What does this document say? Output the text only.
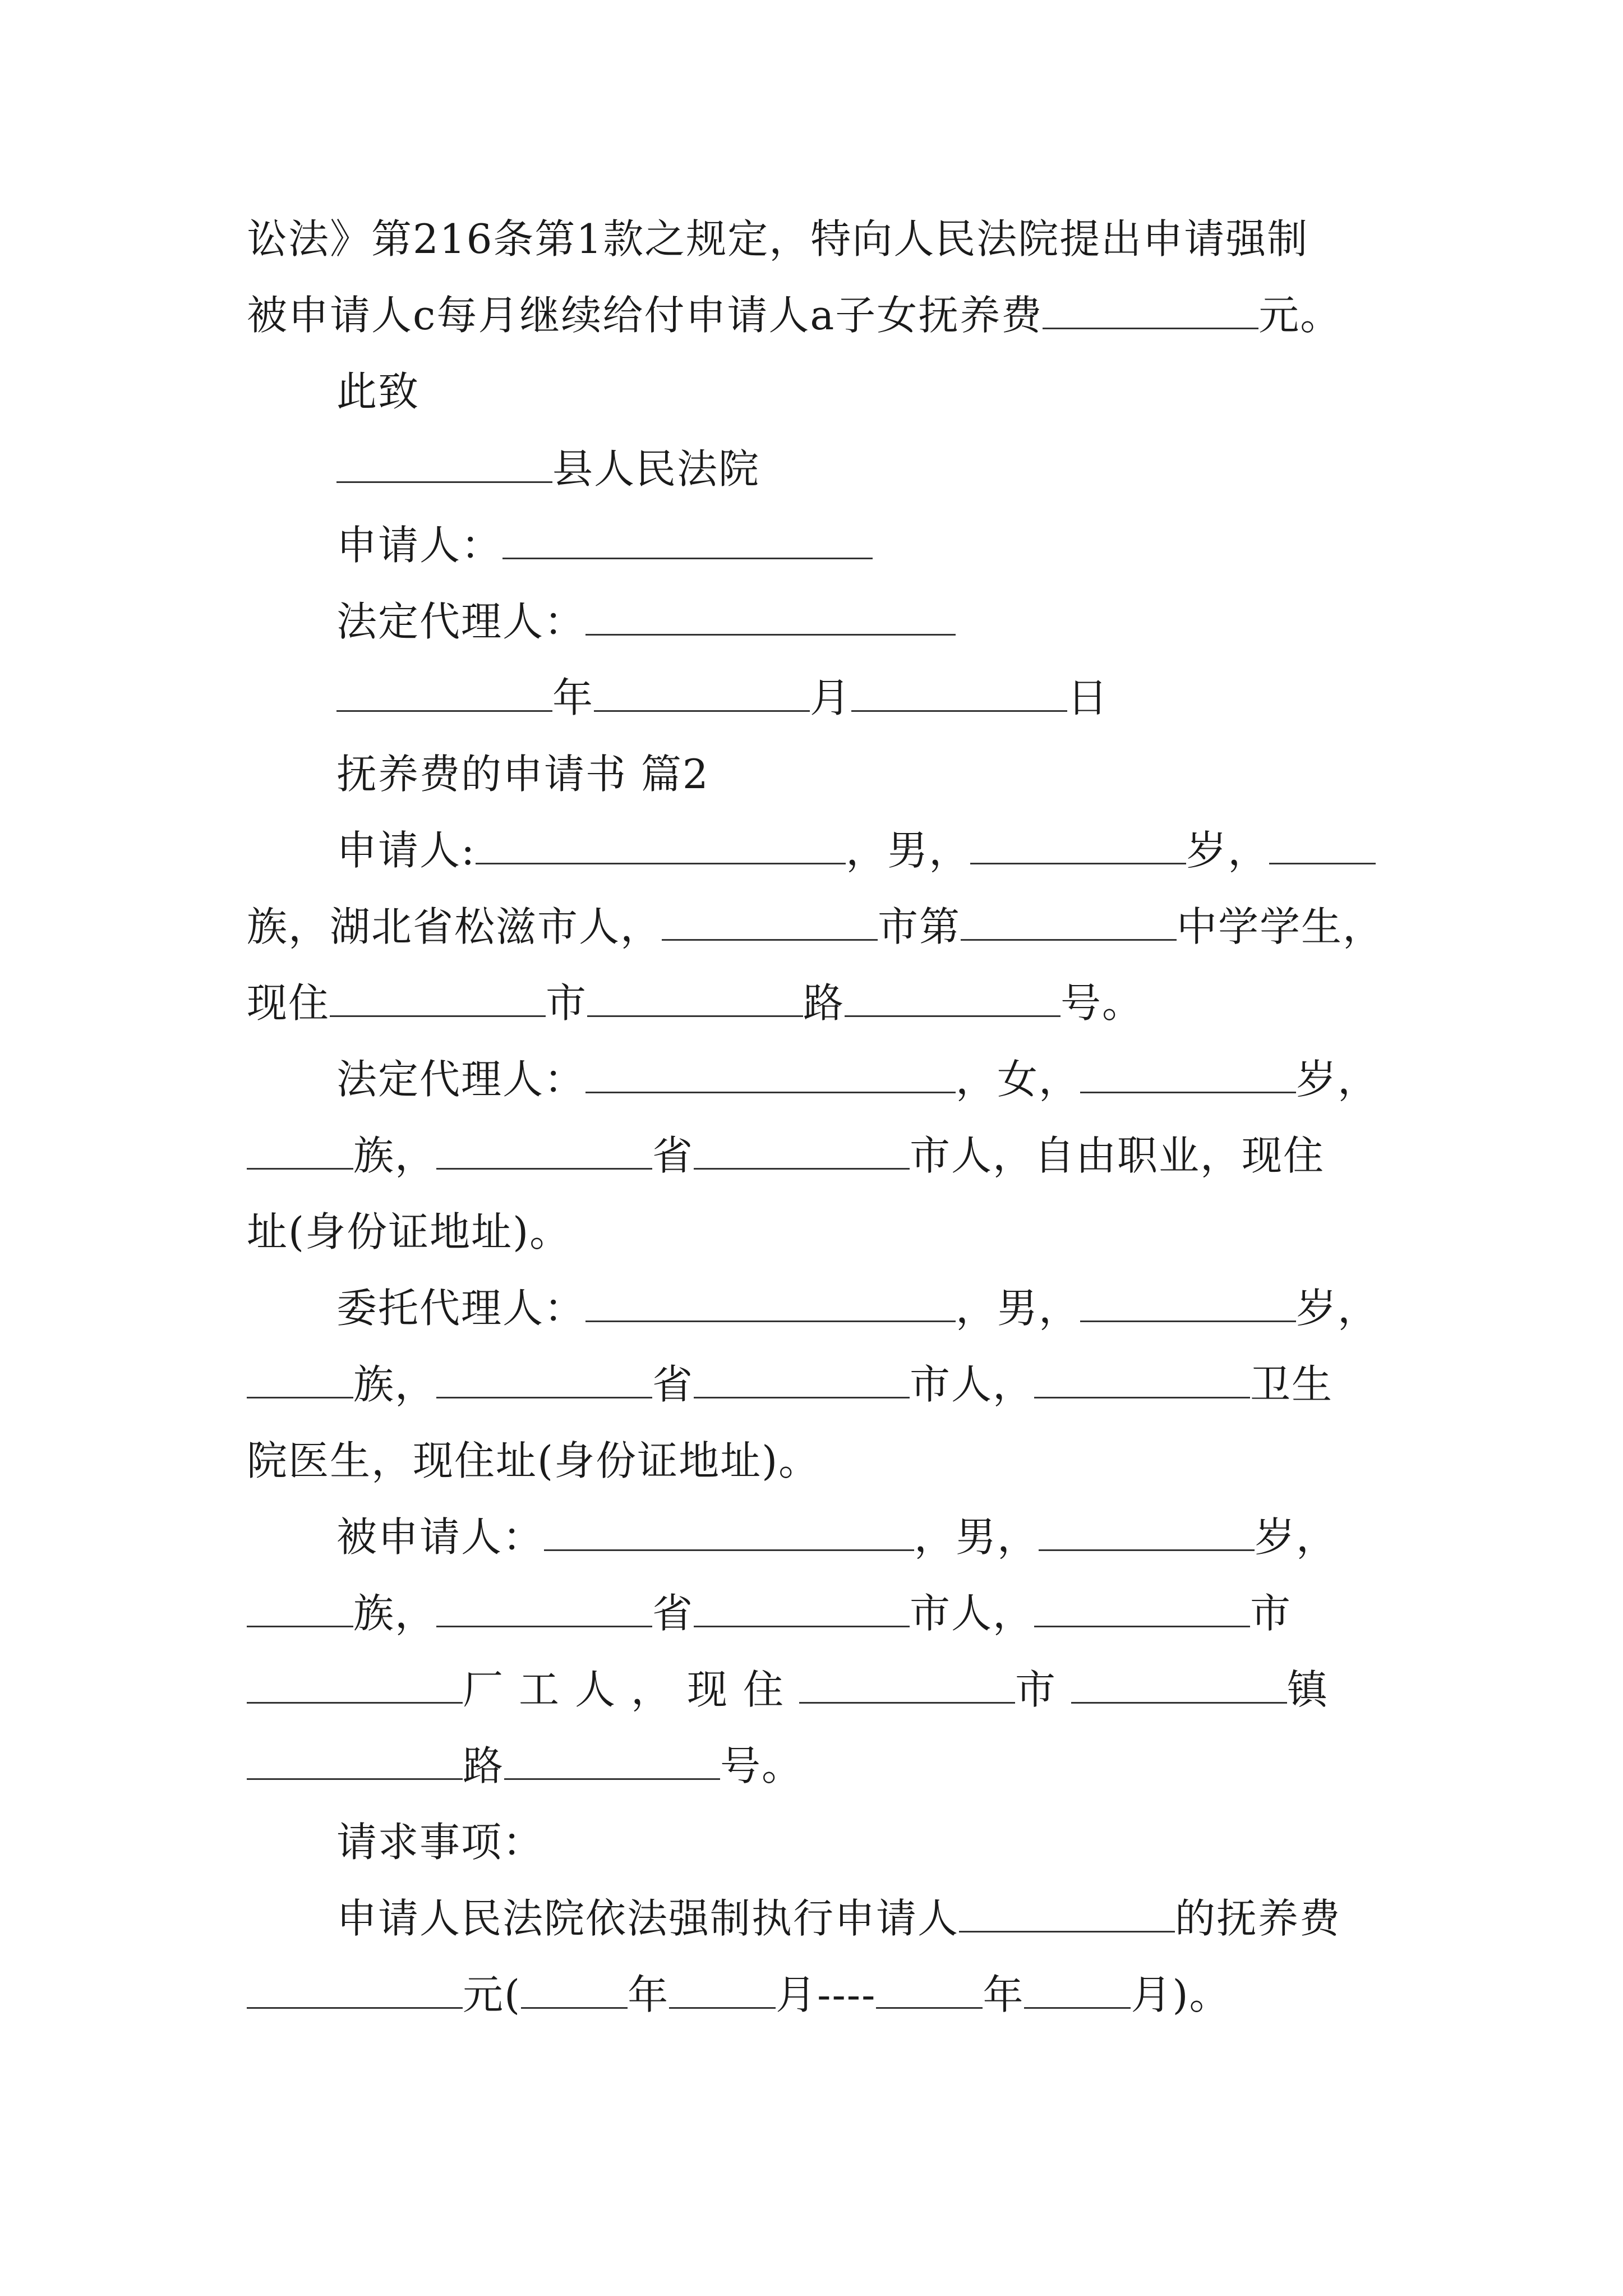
讼法》第216条第1款之规定，特向人民法院提出申请强制
被申请人c每月继续给付申请人a子女抚养费	元。
此致
县人民法院
申请人：
法定代理人：
年	月	日
抚养费的申请书 篇2
申请人:	，男，	岁，
族，湖北省松滋市人，	市第	中学学生，
现住	市	路	号。
法定代理人：	，女，	岁，
族，	省	市人，自由职业，现住
址(身份证地址)。
委托代理人：	，男，	岁，
族，	省	市人，	卫生
院医生，现住址(身份证地址)。
被申请人：	，男，	岁，
族，	省	市人，	市
厂工人，现住	市	镇
路	号。
请求事项：
申请人民法院依法强制执行申请人	的抚养费
元(	年	月----	年	月)。
